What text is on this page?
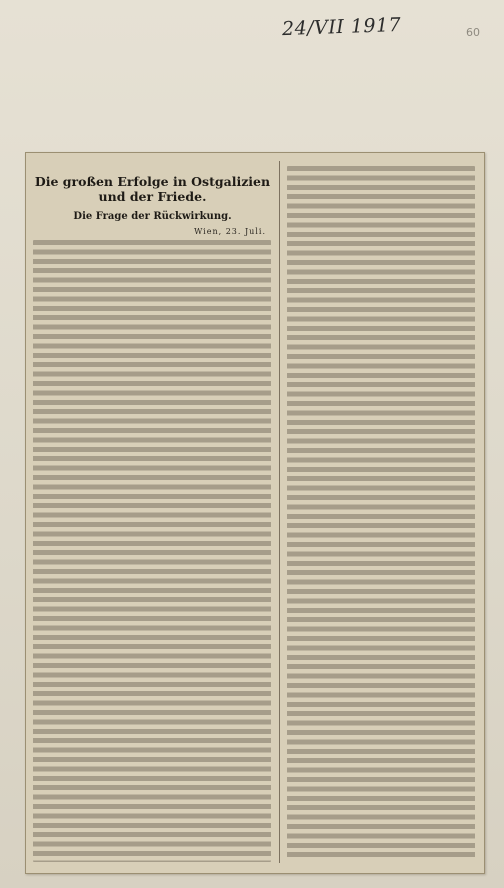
24/VII 1917	60
Die großen Erfolge in Ostgalizien und der Friede.
Die Frage der Rückwirkung.
Wien, 23. Juli.
